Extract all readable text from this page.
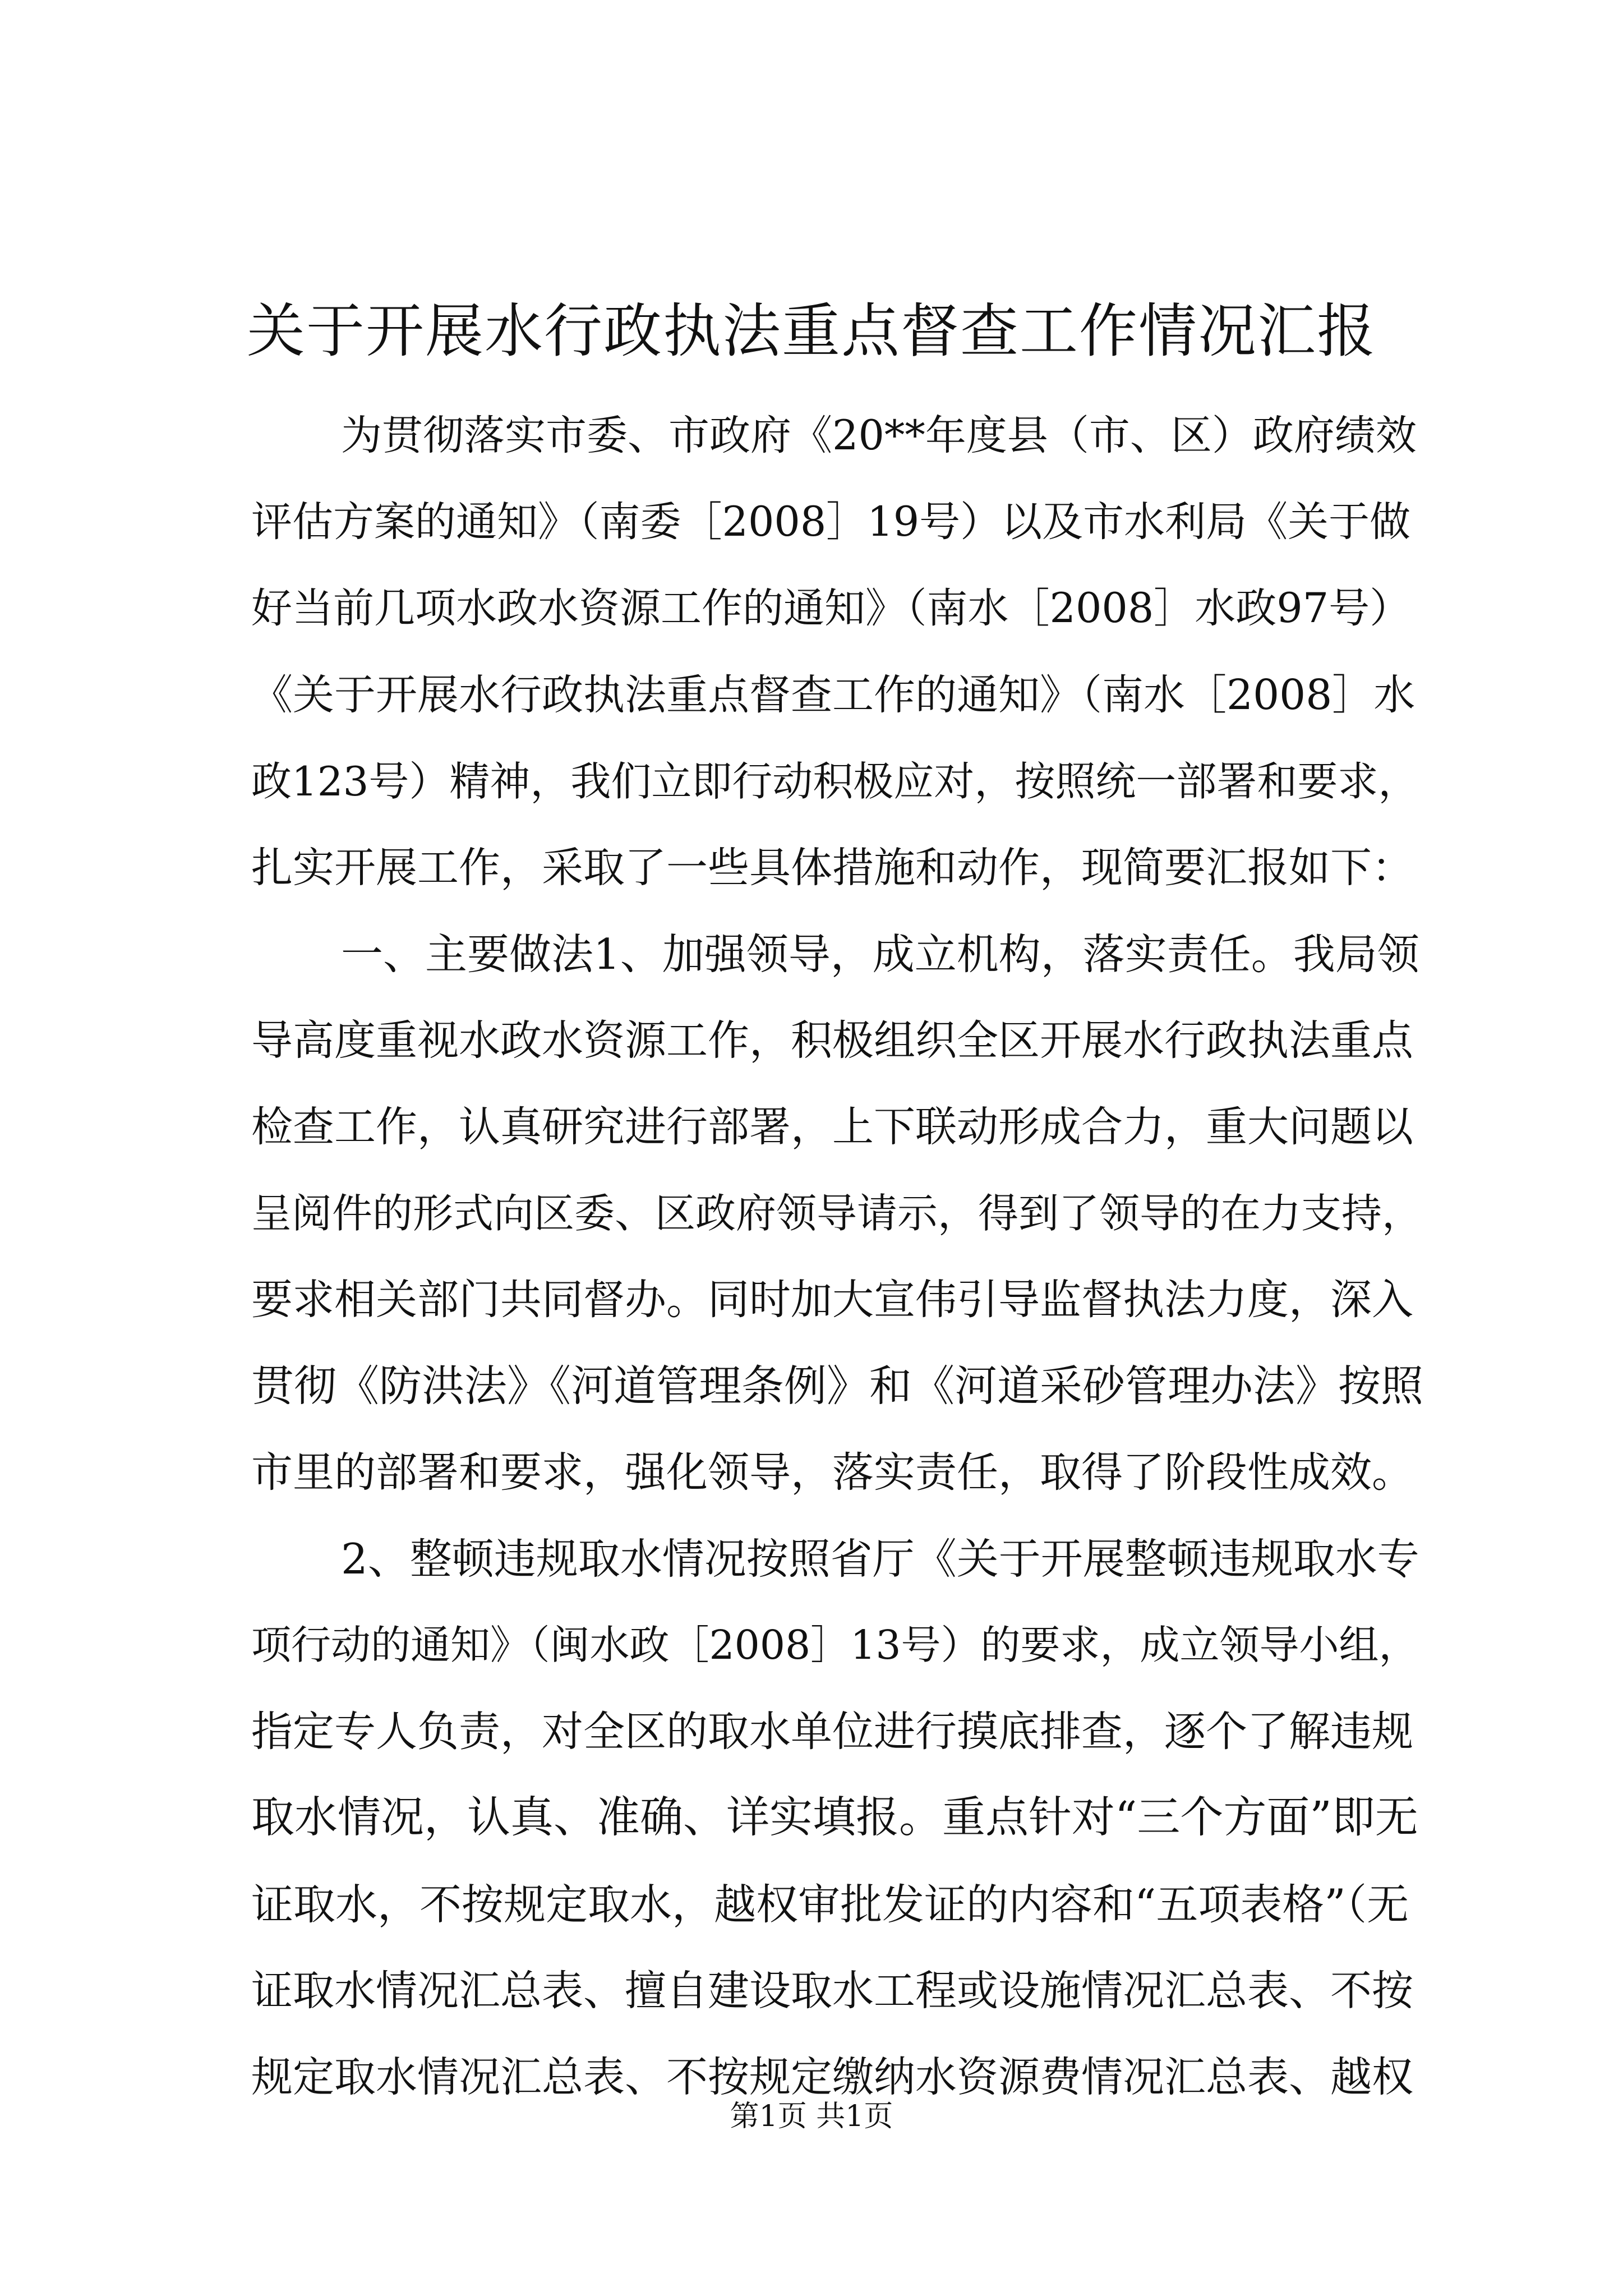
关于开展水行政执法重点督查工作情况汇报
为贯彻落实市委、市政府《20**年度县（市、区）政府绩效
评估方案的通知》（南委［2008］19号）以及市水利局《关于做
好当前几项水政水资源工作的通知》（南水［2008］水政97号）
《关于开展水行政执法重点督查工作的通知》（南水［2008］水
政123号）精神，我们立即行动积极应对，按照统一部署和要求，
扎实开展工作，采取了一些具体措施和动作，现简要汇报如下：
一、主要做法1、加强领导，成立机构，落实责任。我局领
导高度重视水政水资源工作，积极组织全区开展水行政执法重点
检查工作，认真研究进行部署，上下联动形成合力，重大问题以
呈阅件的形式向区委、区政府领导请示，得到了领导的在力支持，
要求相关部门共同督办。同时加大宣伟引导监督执法力度，深入
贯彻《防洪法》《河道管理条例》和《河道采砂管理办法》按照
市里的部署和要求，强化领导，落实责任，取得了阶段性成效。
2、整顿违规取水情况按照省厅《关于开展整顿违规取水专
项行动的通知》（闽水政［2008］13号）的要求，成立领导小组，
指定专人负责，对全区的取水单位进行摸底排查，逐个了解违规
取水情况，认真、准确、详实填报。重点针对“三个方面”即无
证取水，不按规定取水，越权审批发证的内容和“五项表格”（无
证取水情况汇总表、擅自建设取水工程或设施情况汇总表、不按
规定取水情况汇总表、不按规定缴纳水资源费情况汇总表、越权
第1页 共1页
